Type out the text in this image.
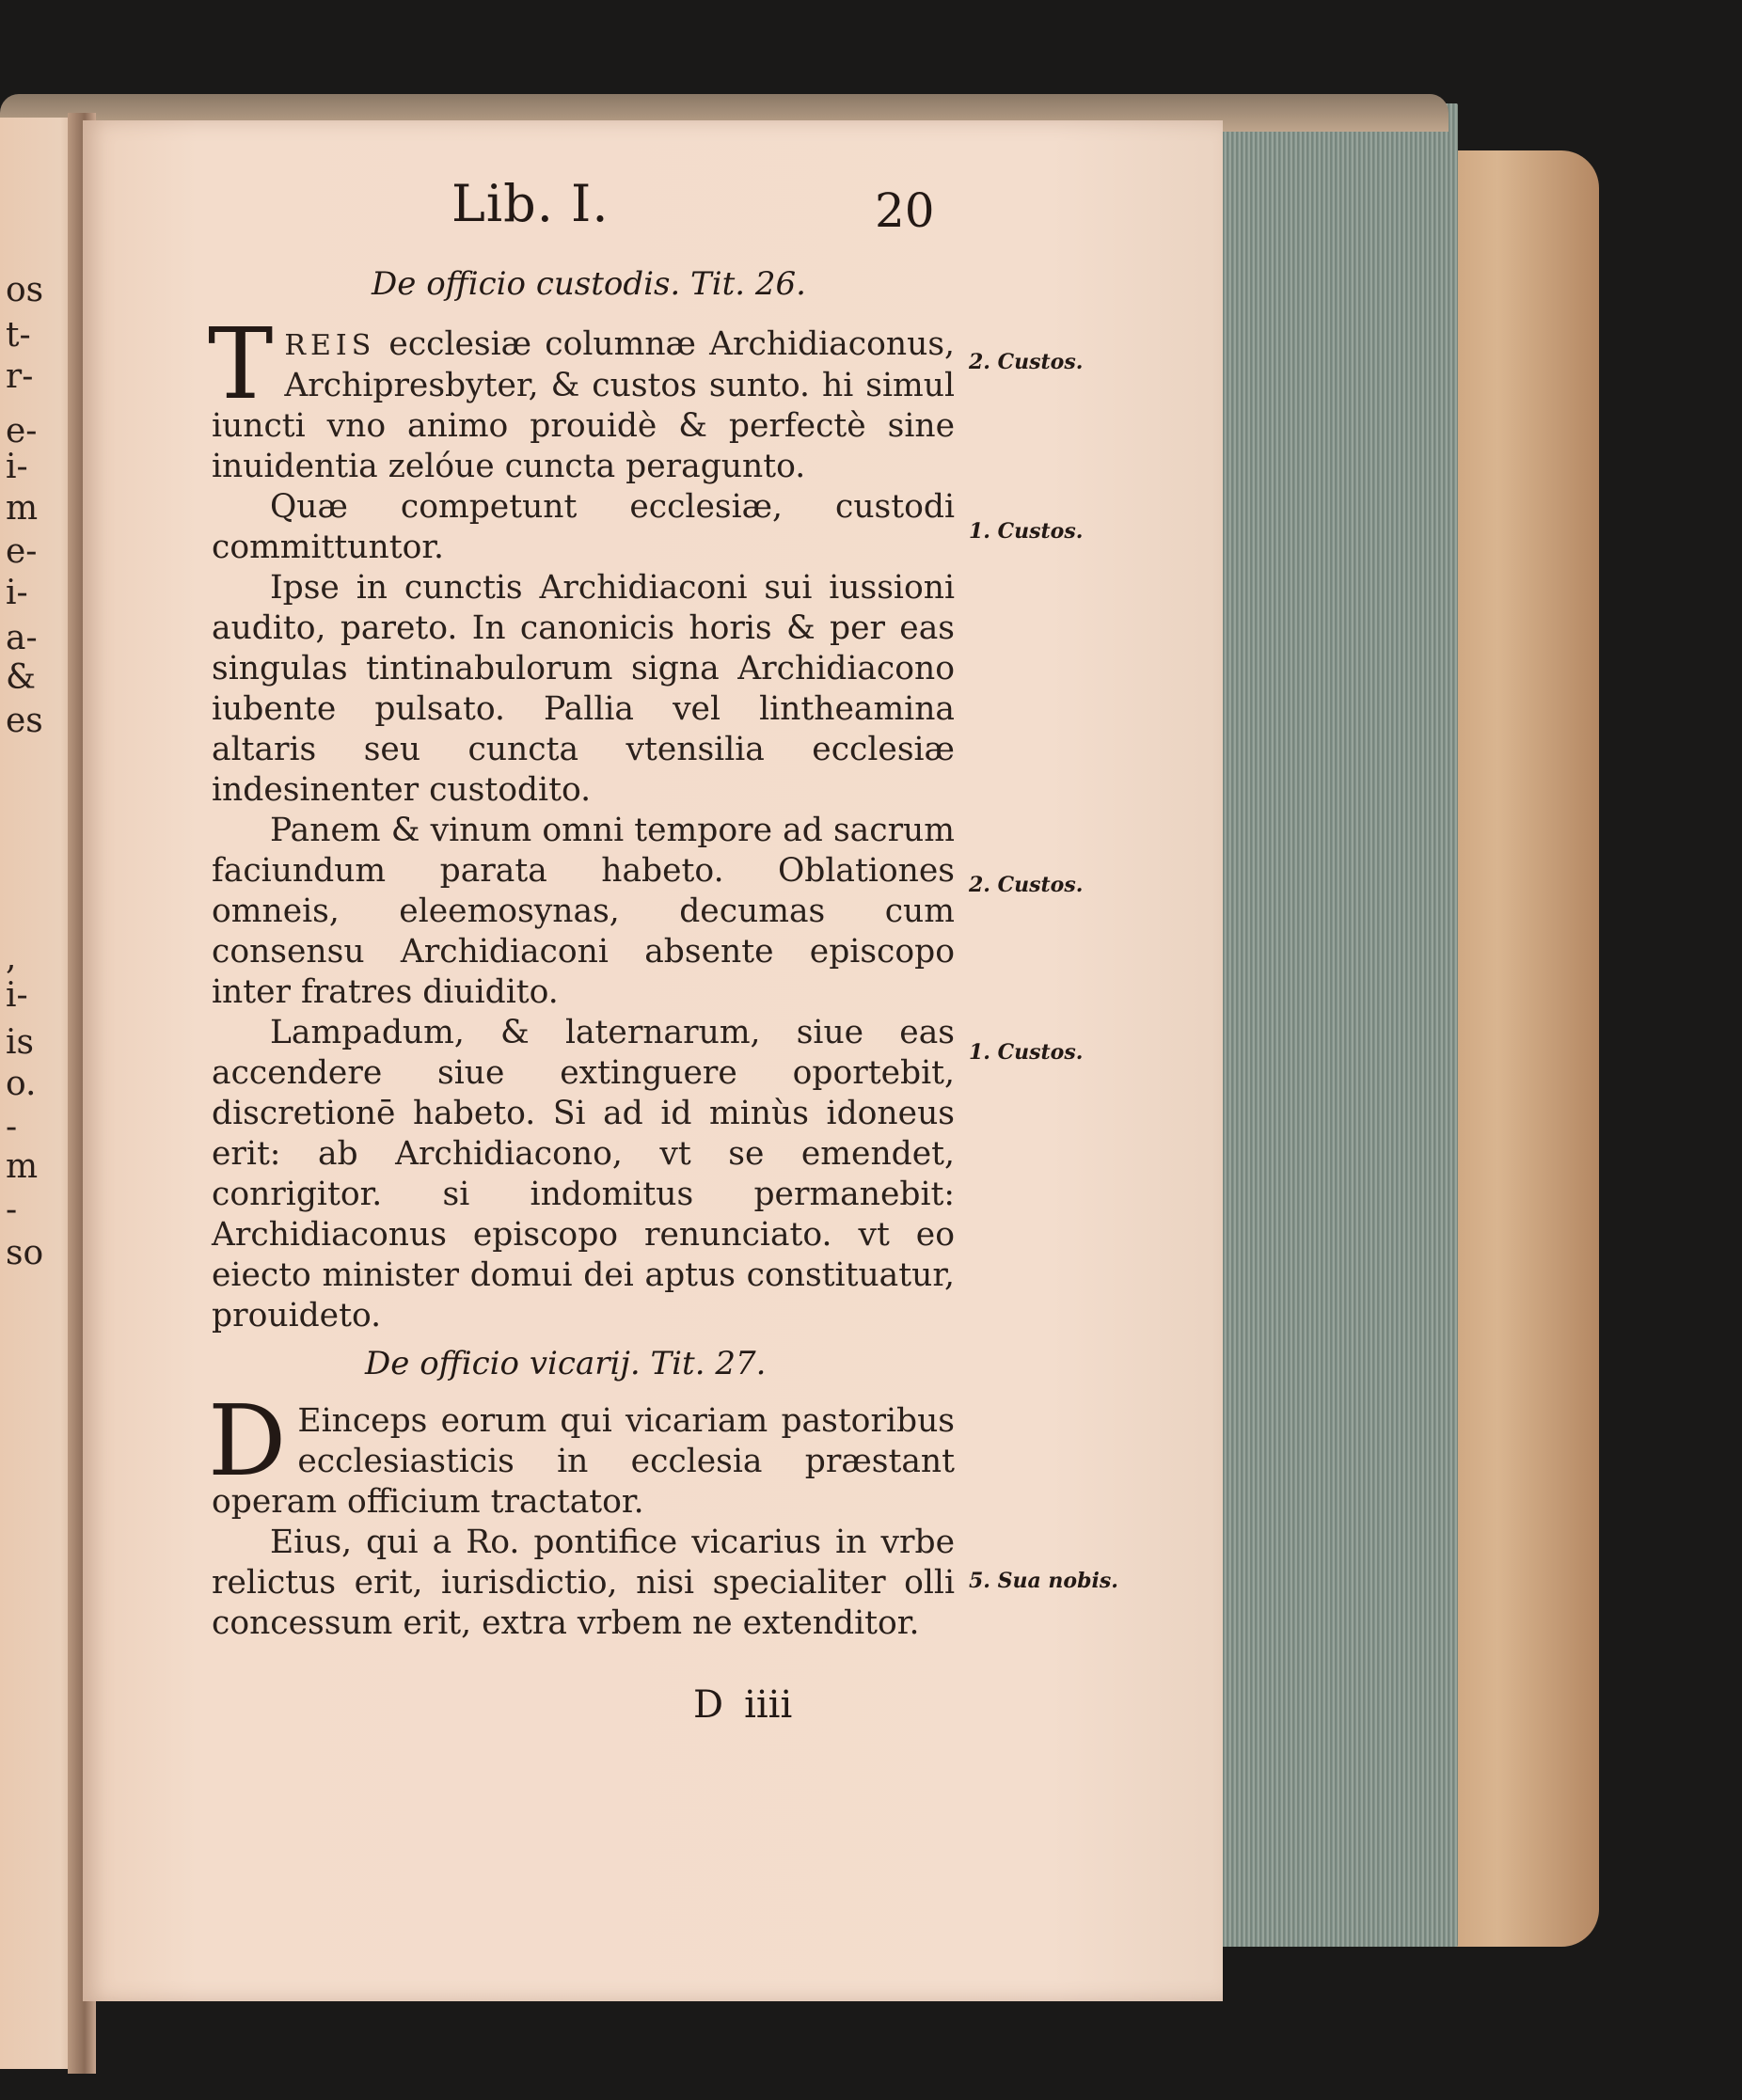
os
t-
r-
e-
i-
m
e-
i-
a-
&
es
,
i-
is
o.
-
m
-
so
Lib. I.	20
De officio custodis. Tit. 26.

TREIS ecclesiæ columnæ Archidiaconus, Archipresbyter, & custos sunto. hi simul iuncti vno animo prouidè & perfectè sine inuidentia zelóue cuncta peragunto.

Quæ competunt ecclesiæ, custodi committuntor.

Ipse in cunctis Archidiaconi sui iussioni audito, pareto. In canonicis horis & per eas singulas tintinabulorum signa Archidiacono iubente pulsato. Pallia vel lintheamina altaris seu cuncta vtensilia ecclesiæ indesinenter custodito.

Panem & vinum omni tempore ad sacrum faciundum parata habeto. Oblationes omneis, eleemosynas, decumas cum consensu Archidiaconi absente episcopo inter fratres diuidito.

Lampadum, & laternarum, siue eas accendere siue extinguere oportebit, discretionē habeto. Si ad id minùs idoneus erit: ab Archidiacono, vt se emendet, conrigitor. si indomitus permanebit: Archidiaconus episcopo renunciato. vt eo eiecto minister domui dei aptus constituatur, prouideto.

De officio vicarij. Tit. 27.

D Einceps eorum qui vicariam pastoribus ecclesiasticis in ecclesia præstant operam officium tractator.

Eius, qui a Ro. pontifice vicarius in vrbe relictus erit, iurisdictio, nisi specialiter olli concessum erit, extra vrbem ne extenditor.

2. Custos.
1. Custos.
2. Custos.
1. Custos.
5. Sua nobis.
D iiii
